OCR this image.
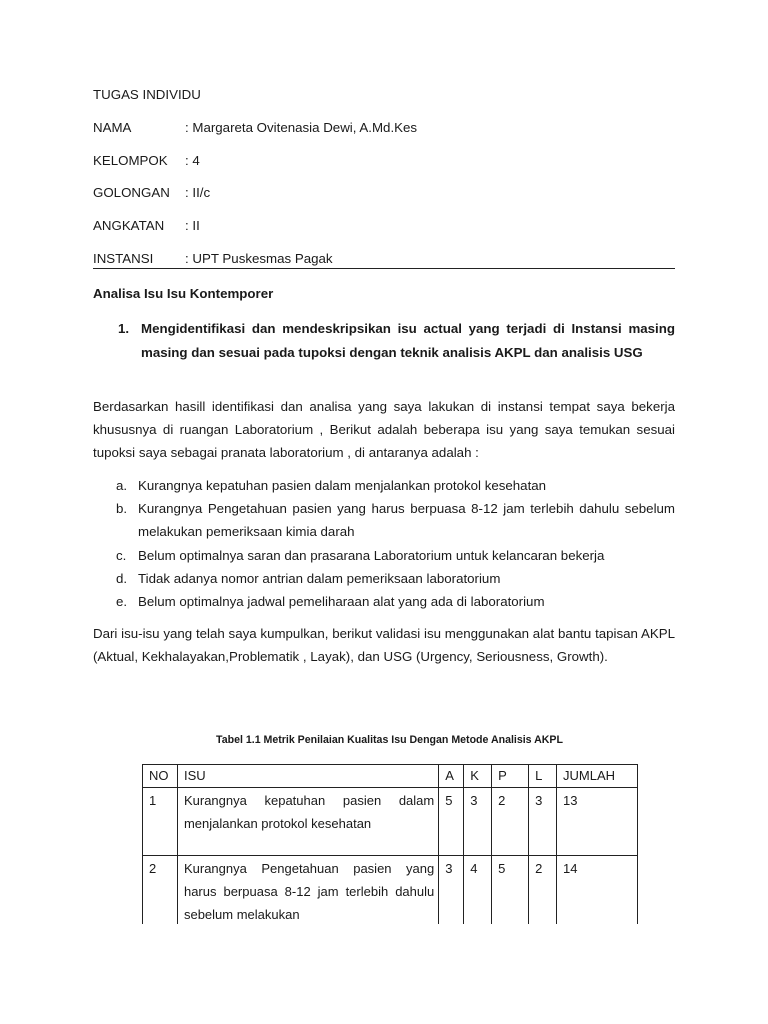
TUGAS INDIVIDU
NAMA	: Margareta Ovitenasia Dewi, A.Md.Kes
KELOMPOK : 4
GOLONGAN : II/c
ANGKATAN : II
INSTANSI : UPT Puskesmas Pagak
Analisa Isu Isu Kontemporer
1. Mengidentifikasi dan mendeskripsikan isu actual yang terjadi di Instansi masing masing dan sesuai pada tupoksi dengan teknik analisis AKPL dan analisis USG
Berdasarkan hasill identifikasi dan analisa yang saya lakukan di instansi tempat saya bekerja khususnya di ruangan Laboratorium , Berikut adalah beberapa isu yang saya temukan sesuai tupoksi saya sebagai pranata laboratorium , di antaranya adalah :
a. Kurangnya kepatuhan pasien dalam menjalankan protokol kesehatan
b. Kurangnya Pengetahuan pasien yang harus berpuasa 8-12 jam terlebih dahulu sebelum melakukan pemeriksaan kimia darah
c. Belum optimalnya saran dan prasarana Laboratorium untuk kelancaran bekerja
d. Tidak adanya nomor antrian dalam pemeriksaan laboratorium
e. Belum optimalnya jadwal pemeliharaan alat yang ada di laboratorium
Dari isu-isu yang telah saya kumpulkan, berikut validasi isu menggunakan alat bantu tapisan AKPL (Aktual, Kekhalayakan,Problematik , Layak), dan USG (Urgency, Seriousness, Growth).
Tabel 1.1 Metrik Penilaian Kualitas Isu Dengan Metode Analisis AKPL
NO	ISU	A	K	P	L	JUMLAH
1	Kurangnya kepatuhan pasien dalam menjalankan protokol kesehatan	5	3	2	3	13
2	Kurangnya Pengetahuan pasien yang harus berpuasa 8-12 jam terlebih dahulu sebelum melakukan	3	4	5	2	14
